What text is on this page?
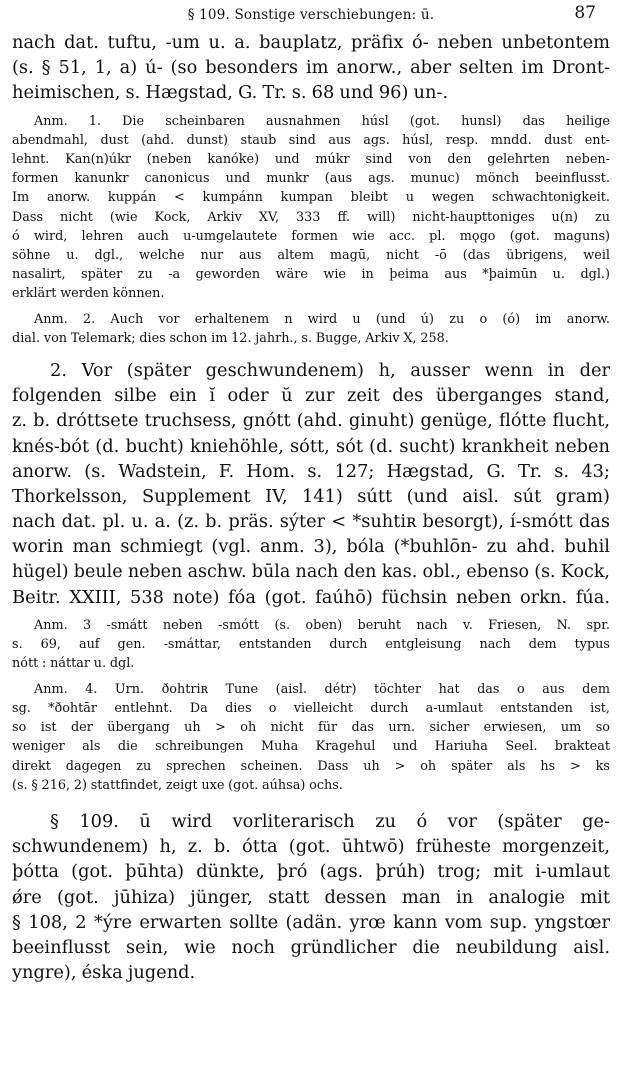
§ 109. Sonstige verschiebungen: ū.	87
nach dat. tuftu, -um u. a. bauplatz, präfix ó- neben unbetontem
(s. § 51, 1, a) ú- (so besonders im anorw., aber selten im Dront-
heimischen, s. Hægstad, G. Tr. s. 68 und 96) un-.
Anm. 1. Die scheinbaren ausnahmen húsl (got. hunsl) das heilige
abendmahl, dust (ahd. dunst) staub sind aus ags. húsl, resp. mndd. dust ent-
lehnt. Kan(n)úkr (neben kanóke) und múkr sind von den gelehrten neben-
formen kanunkr canonicus und munkr (aus ags. munuc) mönch beeinflusst.
Im anorw. kuppán < kumpánn kumpan bleibt u wegen schwachtonigkeit.
Dass nicht (wie Kock, Arkiv XV, 333 ff. will) nicht-haupttoniges u(n) zu
ó wird, lehren auch u-umgelautete formen wie acc. pl. mǫgo (got. maguns)
söhne u. dgl., welche nur aus altem magū, nicht -ō (das übrigens, weil
nasalirt, später zu -a geworden wäre wie in þeima aus *þaimūn u. dgl.)
erklärt werden können.
Anm. 2. Auch vor erhaltenem n wird u (und ú) zu o (ó) im anorw.
dial. von Telemark; dies schon im 12. jahrh., s. Bugge, Arkiv X, 258.
2. Vor (später geschwundenem) h, ausser wenn in der
folgenden silbe ein ĭ oder ŭ zur zeit des überganges stand,
z. b. dróttsete truchsess, gnótt (ahd. ginuht) genüge, flótte flucht,
knés-bót (d. bucht) kniehöhle, sótt, sót (d. sucht) krankheit neben
anorw. (s. Wadstein, F. Hom. s. 127; Hægstad, G. Tr. s. 43;
Thorkelsson, Supplement IV, 141) sútt (und aisl. sút gram)
nach dat. pl. u. a. (z. b. präs. sýter < *suhtiʀ besorgt), í-smótt das
worin man schmiegt (vgl. anm. 3), bóla (*buhlōn- zu ahd. buhil
hügel) beule neben aschw. būla nach den kas. obl., ebenso (s. Kock,
Beitr. XXIII, 538 note) fóa (got. faúhō) füchsin neben orkn. fúa.
Anm. 3 -smátt neben -smótt (s. oben) beruht nach v. Friesen, N. spr.
s. 69, auf gen. -smáttar, entstanden durch entgleisung nach dem typus
nótt : náttar u. dgl.
Anm. 4. Urn. ðohtriʀ Tune (aisl. détr) töchter hat das o aus dem
sg. *ðohtār entlehnt. Da dies o vielleicht durch a-umlaut entstanden ist,
so ist der übergang uh > oh nicht für das urn. sicher erwiesen, um so
weniger als die schreibungen Muha Kragehul und Hariuha Seel. brakteat
direkt dagegen zu sprechen scheinen. Dass uh > oh später als hs > ks
(s. § 216, 2) stattfindet, zeigt uxe (got. aúhsa) ochs.
§ 109. ū wird vorliterarisch zu ó vor (später ge-
schwundenem) h, z. b. ótta (got. ūhtwō) früheste morgenzeit,
þótta (got. þūhta) dünkte, þró (ags. þrúh) trog; mit i-umlaut
ǿre (got. jūhiza) jünger, statt dessen man in analogie mit
§ 108, 2 *ýre erwarten sollte (adän. yrœ kann vom sup. yngstœr
beeinflusst sein, wie noch gründlicher die neubildung aisl.
yngre), éska jugend.
